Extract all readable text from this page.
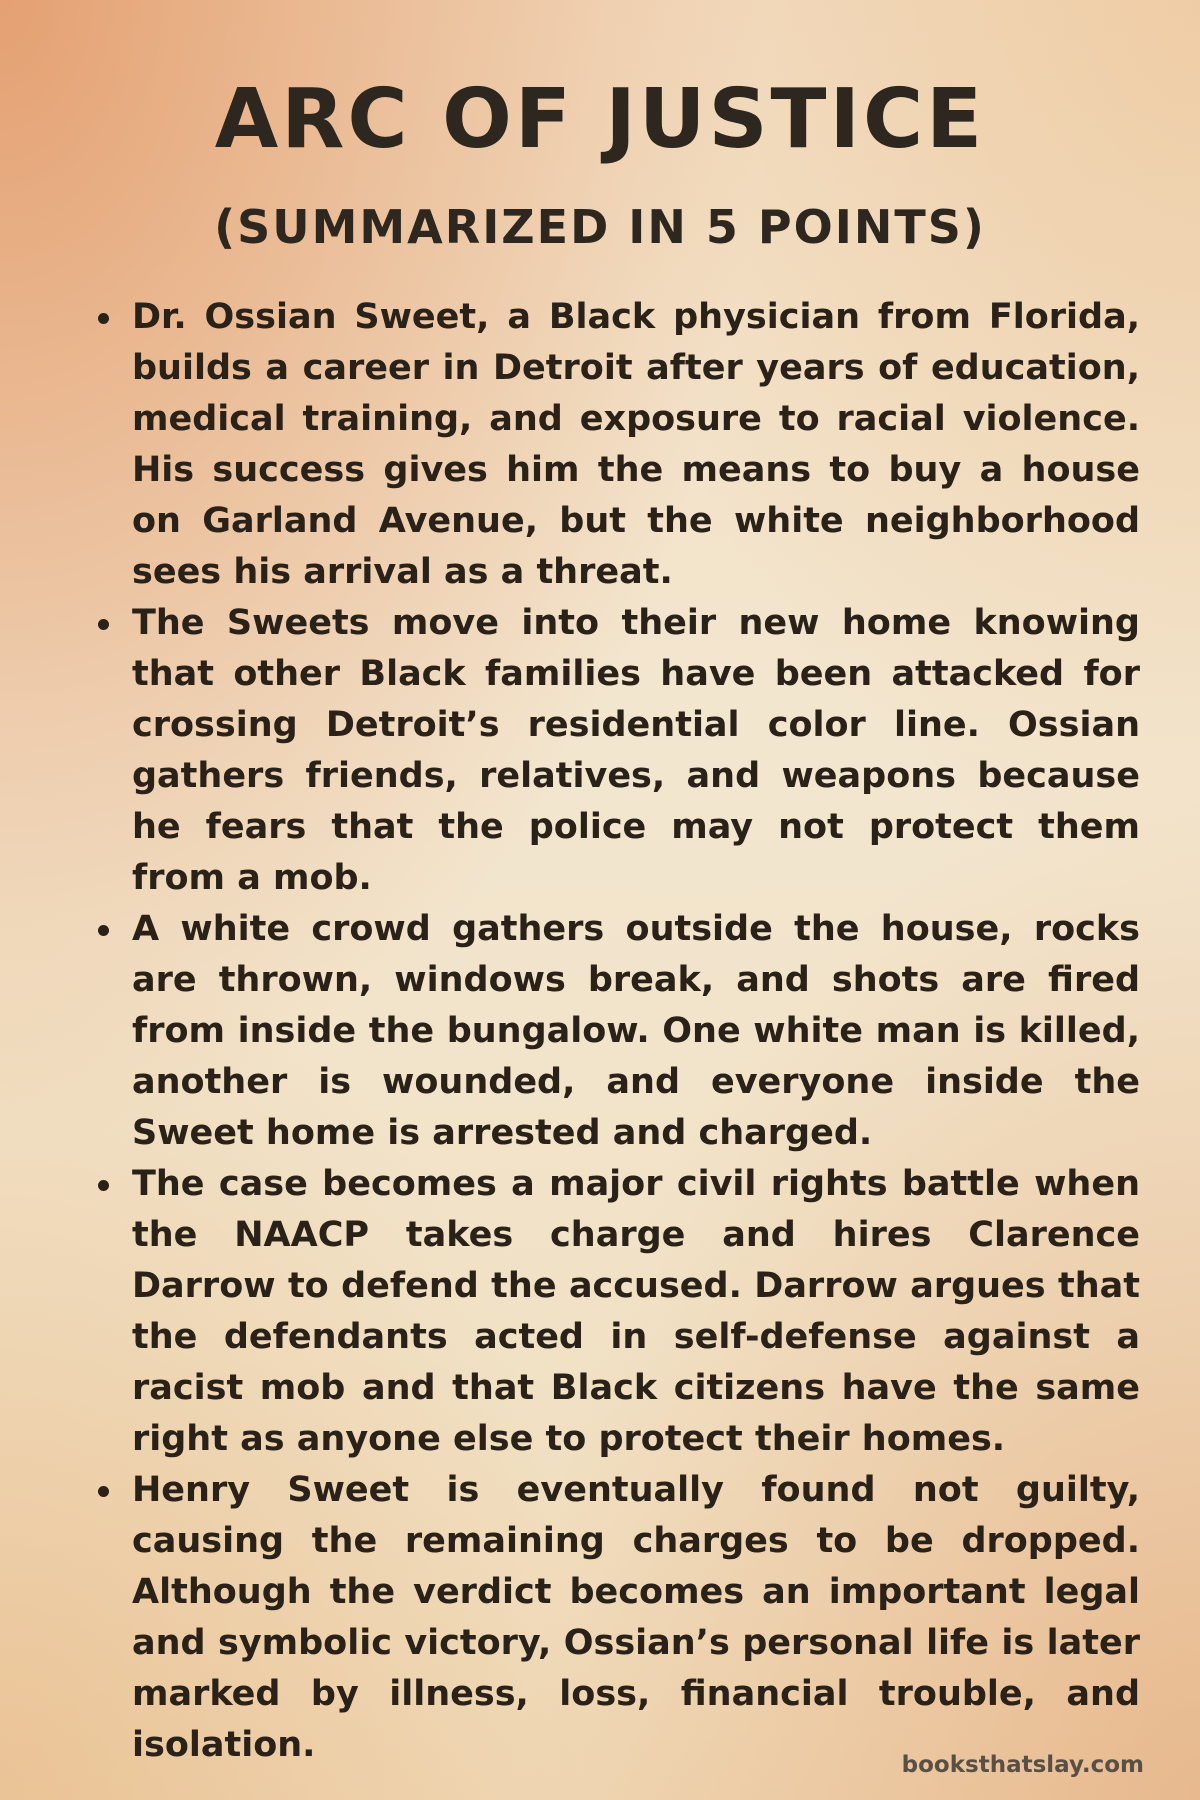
ARC OF JUSTICE
(SUMMARIZED IN 5 POINTS)
Dr. Ossian Sweet, a Black physician from Florida, builds a career in Detroit after years of education, medical training, and exposure to racial violence. His success gives him the means to buy a house on Garland Avenue, but the white neighborhood sees his arrival as a threat.
The Sweets move into their new home knowing that other Black families have been attacked for crossing Detroit’s residential color line. Ossian gathers friends, relatives, and weapons because he fears that the police may not protect them from a mob.
A white crowd gathers outside the house, rocks are thrown, windows break, and shots are fired from inside the bungalow. One white man is killed, another is wounded, and everyone inside the Sweet home is arrested and charged.
The case becomes a major civil rights battle when the NAACP takes charge and hires Clarence Darrow to defend the accused. Darrow argues that the defendants acted in self-defense against a racist mob and that Black citizens have the same right as anyone else to protect their homes.
Henry Sweet is eventually found not guilty, causing the remaining charges to be dropped. Although the verdict becomes an important legal and symbolic victory, Ossian’s personal life is later marked by illness, loss, financial trouble, and isolation.	booksthatslay.com
